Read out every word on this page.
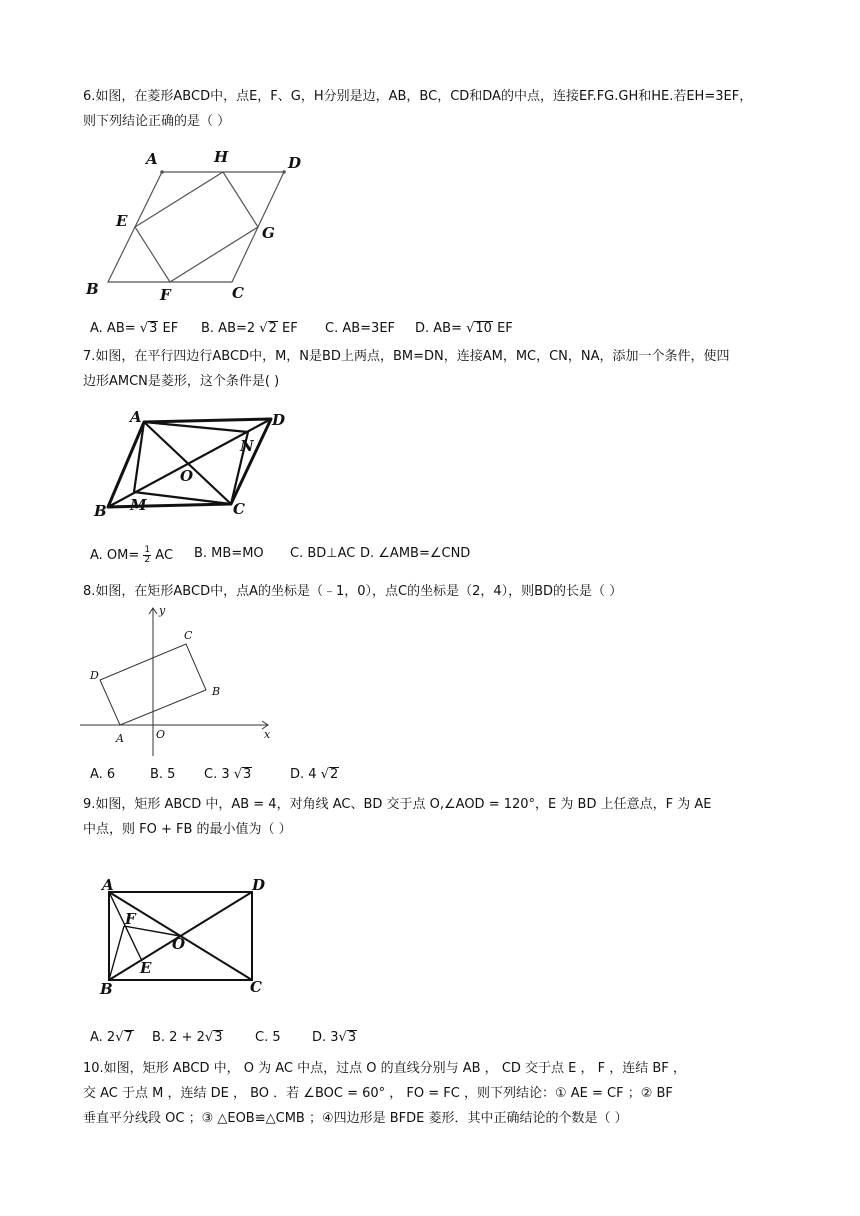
6.如图，在菱形ABCD中，点E，F、G，H分别是边，AB，BC，CD和DA的中点，连接EF.FG.GH和HE.若EH=3EF，
则下列结论正确的是（ ）
A	H	D
E
G
B	F	C
A. AB= √3 EF B. AB=2 √2 EF C. AB=3EF D. AB= √10 EF
7.如图，在平行四边行ABCD中，M，N是BD上两点，BM=DN，连接AM，MC，CN，NA，添加一个条件，使四
边形AMCN是菱形，这个条件是( )
A	D
N
O
B M	C
A. $OM= \frac{1}{2}$ AC B. MB=MO C. BD⊥AC D. ∠AMB=∠CND
8.如图，在矩形ABCD中，点A的坐标是（﹣1，0），点C的坐标是（2，4），则BD的长是（ ）
y
x
O
A
B
C
D
A. 6	B. 5 C. 3 √3	D. 4 √2
9.如图，矩形 ABCD 中，AB = 4，对角线 AC、BD 交于点 O,∠AOD = 120°，E 为 BD 上任意点，F 为 AE
中点，则 FO + FB 的最小值为（ ）
A	D
F
O
E
B	C
A. 2√7 B. 2 + 2√3	C. 5 D. 3√3
10.如图，矩形 ABCD 中， O 为 AC 中点，过点 O 的直线分别与 AB ， CD 交于点 E ， F ，连结 BF ，
交 AC 于点 M ，连结 DE ， BO ．若 ∠BOC = 60° ， FO = FC ，则下列结论：① AE = CF ；② BF
垂直平分线段 OC ；③ △EOB≌△CMB ；④四边形是 BFDE 菱形．其中正确结论的个数是（ ）
